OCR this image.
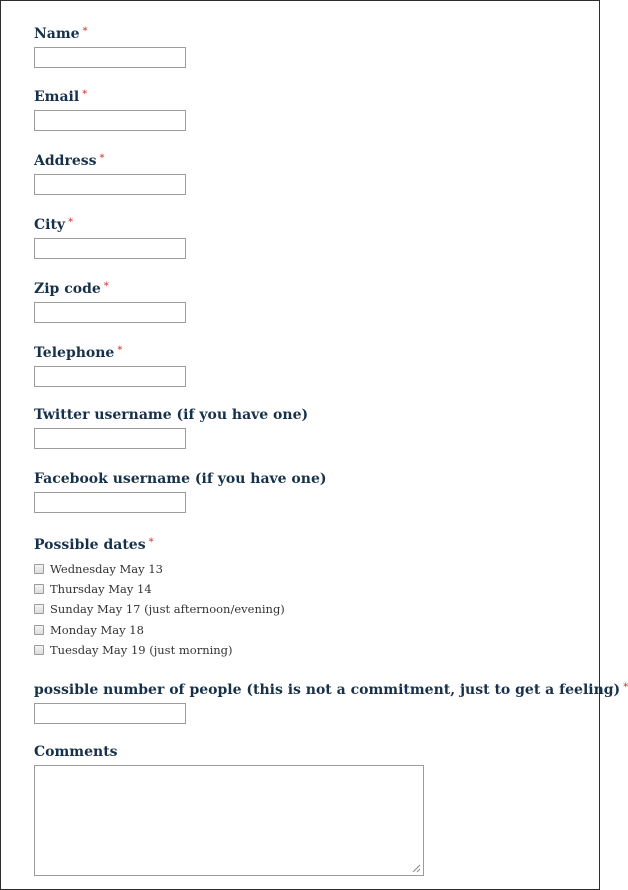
Name *
Email *
Address *
City *
Zip code *
Telephone *
Twitter username (if you have one)
Facebook username (if you have one)
Possible dates *
Wednesday May 13
Thursday May 14
Sunday May 17 (just afternoon/evening)
Monday May 18
Tuesday May 19 (just morning)
possible number of people (this is not a commitment, just to get a feeling) *
Comments
